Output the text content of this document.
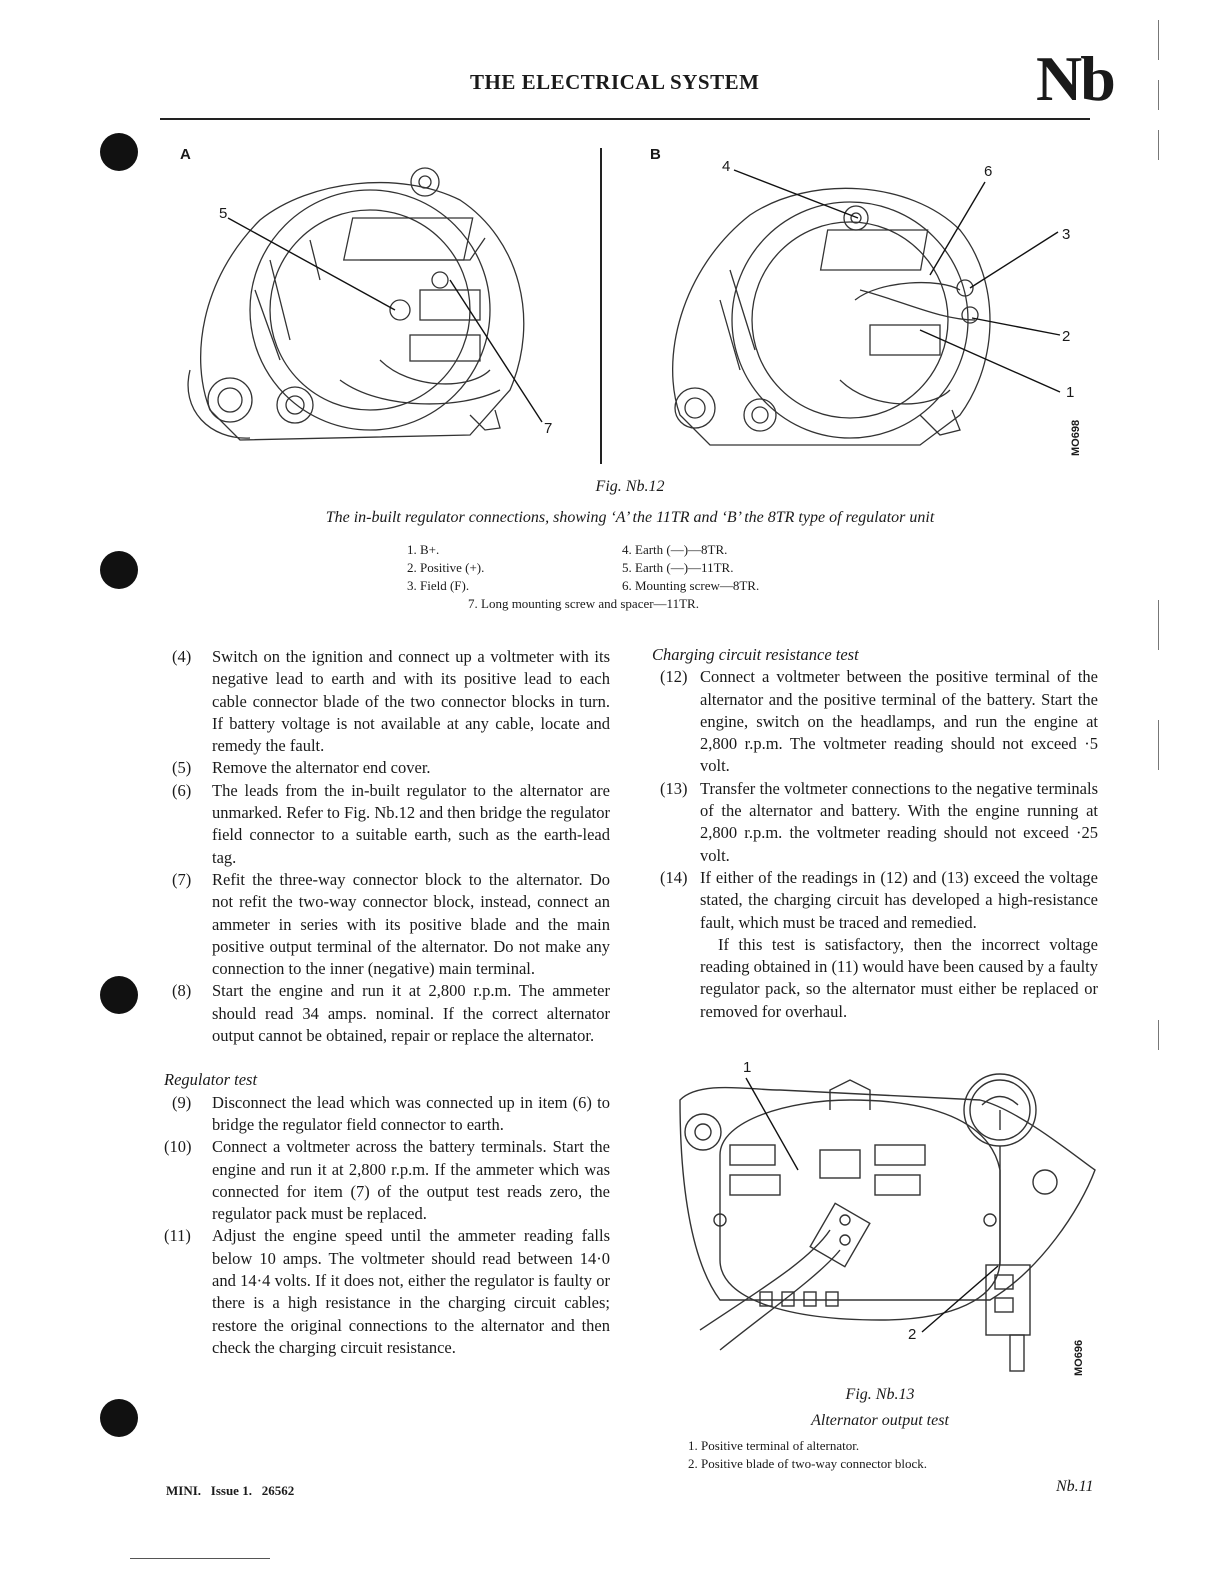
THE ELECTRICAL SYSTEM	Nb
A	B
5
7
4	6
3
2
1
MO698
Fig. Nb.12
The in-built regulator connections, showing ‘A’ the 11TR and ‘B’ the 8TR type of regulator unit
1. B+.
2. Positive (+).
3. Field (F).
4. Earth (—)—8TR.
5. Earth (—)—11TR.
6. Mounting screw—8TR.
7. Long mounting screw and spacer—11TR.
(4) Switch on the ignition and connect up a voltmeter with its negative lead to earth and with its positive lead to each cable connector blade of the two connector blocks in turn. If battery voltage is not available at any cable, locate and remedy the fault.

(5) Remove the alternator end cover.

(6) The leads from the in-built regulator to the alternator are unmarked. Refer to Fig. Nb.12 and then bridge the regulator field connector to a suitable earth, such as the earth-lead tag.

(7) Refit the three-way connector block to the alternator. Do not refit the two-way connector block, instead, connect an ammeter in series with its positive blade and the main positive output terminal of the alternator. Do not make any connection to the inner (negative) main terminal.

(8) Start the engine and run it at 2,800 r.p.m. The ammeter should read 34 amps. nominal. If the correct alternator output cannot be obtained, repair or replace the alternator.

Regulator test
(9) Disconnect the lead which was connected up in item (6) to bridge the regulator field connector to earth.

(10) Connect a voltmeter across the battery terminals. Start the engine and run it at 2,800 r.p.m. If the ammeter which was connected for item (7) of the output test reads zero, the regulator pack must be replaced.

(11) Adjust the engine speed until the ammeter reading falls below 10 amps. The voltmeter should read between 14·0 and 14·4 volts. If it does not, either the regulator is faulty or there is a high resistance in the charging circuit cables; restore the original connections to the alternator and then check the charging circuit resistance.

Charging circuit resistance test
(12) Connect a voltmeter between the positive terminal of the alternator and the positive terminal of the battery. Start the engine, switch on the headlamps, and run the engine at 2,800 r.p.m. The voltmeter reading should not exceed ·5 volt.

(13) Transfer the voltmeter connections to the negative terminals of the alternator and battery. With the engine running at 2,800 r.p.m. the voltmeter reading should not exceed ·25 volt.

(14) If either of the readings in (12) and (13) exceed the voltage stated, the charging circuit has developed a high-resistance fault, which must be traced and remedied.

If this test is satisfactory, then the incorrect voltage reading obtained in (11) would have been caused by a faulty regulator pack, so the alternator must either be replaced or removed for overhaul.

1
2
MO696
Fig. Nb.13
Alternator output test
1. Positive terminal of alternator.
2. Positive blade of two-way connector block.
MINI.   Issue 1.   26562	Nb.11
